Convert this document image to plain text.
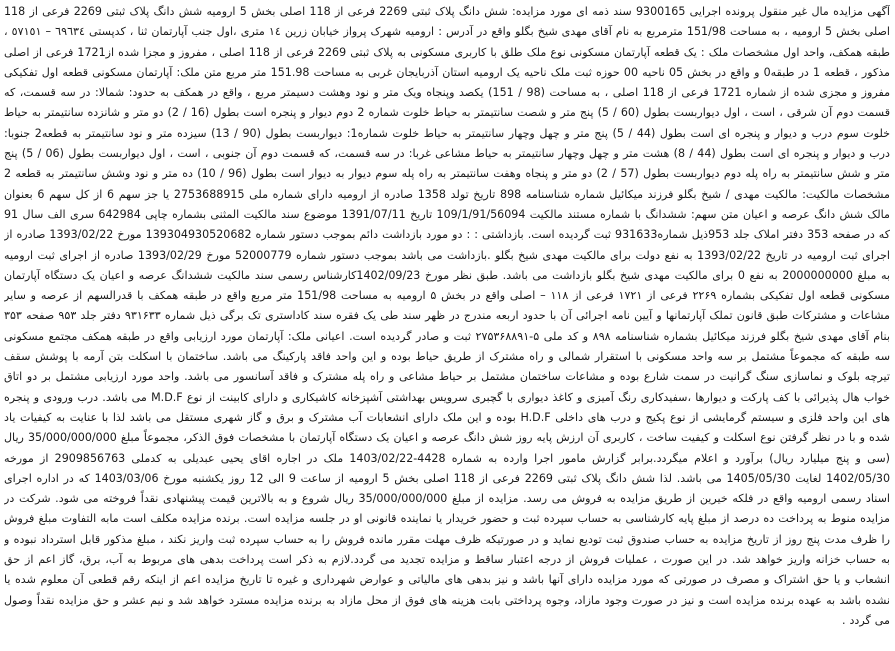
آگهی مزایده مال غیر منقول پرونده اجرایی 9300165 سند ذمه ای مورد مزایده: شش دانگ پلاک ثبتی 2269 فرعی از 118 اصلی بخش 5 ارومیه شش دانگ پلاک ثبتی 2269 فرعی از 118 اصلی بخش 5 ارومیه ، به مساحت 151/98 مترمربع به نام آقای مهدی شیخ بگلو واقع در آدرس : ارومیه شهرک پرواز خیابان زرین ١٤ متری ،اول جنب آپارتمان ثنا ، کدپستی ٦٩٦٣٤ – ٥٧١٥١ ، طبقه همکف، واحد اول مشخصات ملک : یک قطعه آپارتمان مسکونی نوع ملک طلق با کاربری مسکونی به پلاک ثبتی 2269 فرعی از 118 اصلی ، مفروز و مجزا شده از1721 فرعی از اصلی مذکور ، قطعه 1 در طبقه0 و واقع در بخش 05 ناحیه 00 حوزه ثبت ملک ناحیه یک ارومیه استان آذربایجان غربی به مساحت 151.98 متر مربع متن ملک: آپارتمان مسکونی قطعه اول تفکیکی مفروز و مجزی شده از شماره 1721 فرعی از 118 اصلی ، به مساحت (98 / 151) یکصد وپنجاه ویک متر و نود وهشت دسیمتر مربع ، واقع در همکف به حدود: شمالا: در سه قسمت، که قسمت دوم آن شرقی ، است ، اول دیواربست بطول (60 / 5) پنج متر و شصت سانتیمتر به حیاط خلوت شماره 2 دوم دیوار و پنجره است بطول (16 / 2) دو متر و شانزده سانتیمتر به حیاط خلوت سوم درب و دیوار و پنجره ای است بطول (44 / 5) پنج متر و چهل وچهار سانتیمتر به حیاط خلوت شماره1: دیواربست بطول (90 / 13) سیزده متر و نود سانتیمتر به قطعه2 جنوبا: درب و دیوار و پنجره ای است بطول (44 / 8) هشت متر و چهل وچهار سانتیمتر به حیاط مشاعی غربا: در سه قسمت، که قسمت دوم آن جنوبی ، است ، اول دیواربست بطول (06 / 5) پنج متر و شش سانتیمتر به راه پله دوم دیواربست بطول (57 / 2) دو متر و پنجاه وهفت سانتیمتر به راه پله سوم دیوار به دیوار است بطول (96 / 10) ده متر و نود وشش سانتیمتر به قطعه 2 مشخصات مالکیت: مالکیت مهدی / شیخ بگلو فرزند میکائیل شماره شناسنامه 898 تاریخ تولد 1358 صادره از ارومیه دارای شماره ملی 2753688915 یا جز سهم 6 از کل سهم 6 بعنوان مالک شش دانگ عرصه و اعیان متن سهم: ششدانگ با شماره مستند مالکیت 109/1/91/56094 تاریخ 1391/07/11 موضوع سند مالکیت المثنی بشماره چاپی 642984 سری الف سال 91 که در صفحه 353 دفتر املاک جلد 953ذیل شماره931633 ثبت گردیده است. بازداشتی : : دو مورد بازداشت دائم بموجب دستور شماره 139304930520682 مورخ 1393/02/22 صادره از اجرای ثبت ارومیه در تاریخ 1393/02/22 به نفع دولت برای مالکیت مهدی شیخ بگلو .بازداشت می باشد بموجب دستور شماره 52000779 مورخ 1393/02/29 صادره از اجرای ثبت ارومیه به مبلغ 2000000000 به نفع 0 برای مالکیت مهدی شیخ بگلو بازداشت می باشد. طبق نظر مورخ 1402/09/23کارشناس رسمی سند مالکیت ششدانگ عرصه و اعیان یک دستگاه آپارتمان مسکونی قطعه اول تفکیکی بشماره ۲۲۶۹ فرعی از ۱۷۲۱ فرعی از ۱۱۸ – اصلی واقع در بخش ۵ ارومیه به مساحت 151/98 متر مربع واقع در طبقه همکف با قدرالسهم از عرصه و سایر مشاعات و مشترکات طبق قانون تملک آپارتمانها و آیین نامه اجرائی آن با حدود اربعه مندرج در ظهر سند طی یک فقره سند کاداستری تک برگی ذیل شماره ۹۳۱۶۳۳ دفتر جلد ۹۵۳ صفحه ۳۵۳ بنام آقای مهدی شیخ بگلو فرزند میکائیل بشماره شناسنامه ۸۹۸ و کد ملی ۵-۲۷۵۳۶۸۸۹۱ ثبت و صادر گردیده است. اعیانی ملک: آپارتمان مورد ارزیابی واقع در طبقه همکف مجتمع مسکونی سه طبقه که مجموعاً مشتمل بر سه واحد مسکونی با استقرار شمالی و راه مشترک از طریق حیاط بوده و این واحد فاقد پارکینگ می باشد. ساختمان با اسکلت بتن آرمه با پوشش سقف تیرچه بلوک و نماسازی سنگ گرانیت در سمت شارع بوده و مشاعات ساختمان مشتمل بر حیاط مشاعی و راه پله مشترک و فاقد آسانسور می باشد. واحد مورد ارزیابی مشتمل بر دو اتاق خواب هال پذیرائی با کف پارکت و دیوارها ،سفیدکاری رنگ آمیزی و کاغذ دیواری با گچبری سرویس بهداشتی آشپزخانه کاشیکاری و دارای کابینت از نوع M.D.F می باشد. درب ورودی و پنجره های این واحد فلزی و سیستم گرمایشی از نوع پکیج و درب های داخلی H.D.F بوده و این ملک دارای انشعابات آب مشترک و برق و گاز شهری مستقل می باشد لذا با عنایت به کیفیات یاد شده و با در نظر گرفتن نوع اسکلت و کیفیت ساخت ، کاربری آن ارزش پایه روز شش دانگ عرصه و اعیان یک دستگاه آپارتمان با مشخصات فوق الذکر، مجموعاً مبلغ 35/000/000/000 ریال (سی و پنج میلیارد ریال) برآورد و اعلام میگردد.برابر گزارش مامور اجرا وارده به شماره 4428-1403/02/22 ملک در اجاره اقای یحیی عبدیلی به کدملی 2909856763 از مورخه 1402/05/30 لغایت 1405/05/30 می باشد. لذا شش دانگ پلاک ثبتی 2269 فرعی از 118 اصلی بخش 5 ارومیه از ساعت 9 الی 12 روز یکشنبه مورخ 1403/03/06 که در اداره اجرای اسناد رسمی ارومیه واقع در فلکه خیرین از طریق مزایده به فروش می رسد. مزایده از مبلغ 35/000/000/000 ریال شروع و به بالاترین قیمت پیشنهادی نقداً فروخته می شود. شرکت در مزایده منوط به پرداخت ده درصد از مبلغ پایه کارشناسی به حساب سپرده ثبت و حضور خریدار یا نماینده قانونی او در جلسه مزایده است. برنده مزایده مکلف است مابه التفاوت مبلغ فروش را ظرف مدت پنج روز از تاریخ مزایده به حساب صندوق ثبت تودیع نماید و در صورتیکه ظرف مهلت مقرر مانده فروش را به حساب سپرده ثبت واریز نکند ، مبلغ مذکور قابل استرداد نبوده و به حساب خزانه واریز خواهد شد. در این صورت ، عملیات فروش از درجه اعتبار ساقط و مزایده تجدید می گردد.لازم به ذکر است پرداخت بدهی های مربوط به آب، برق، گاز اعم از حق انشعاب و یا حق اشتراک و مصرف در صورتی که مورد مزایده دارای آنها باشد و نیز بدهی های مالیاتی و عوارض شهرداری و غیره تا تاریخ مزایده اعم از اینکه رقم قطعی آن معلوم شده یا نشده باشد به عهده برنده مزایده است و نیز در صورت وجود مازاد، وجوه پرداختی بابت هزینه های فوق از محل مازاد به برنده مزایده مسترد خواهد شد و نیم عشر و حق مزایده نقداً وصول می گردد .
